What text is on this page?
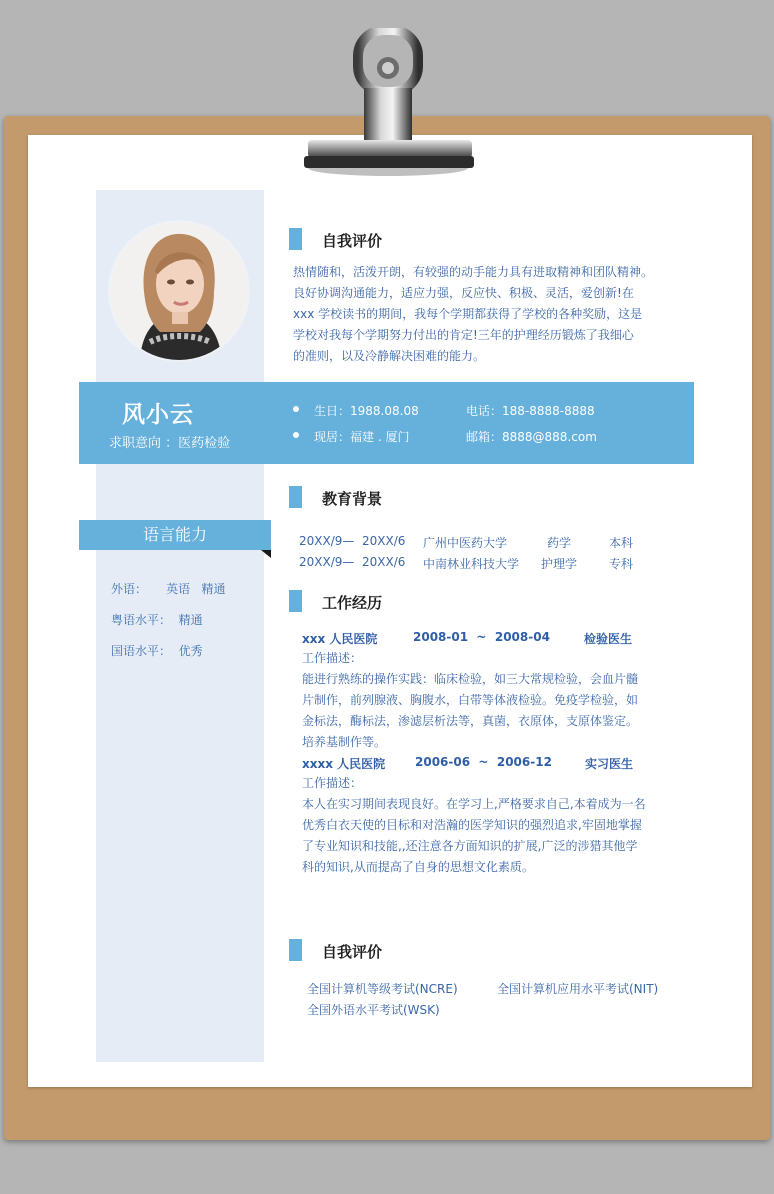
风小云
求职意向 ：医药检验
生日：1988.08.08	电话：188-8888-8888
现居：福建 . 厦门	邮箱：8888@888.com
语言能力
外语：     英语   精通
粤语水平：  精通
国语水平：  优秀
自我评价
热情随和，活泼开朗，有较强的动手能力具有进取精神和团队精神。
良好协调沟通能力，适应力强，反应快、积极、灵活，爱创新!在
xxx 学校读书的期间，我每个学期都获得了学校的各种奖励，这是
学校对我每个学期努力付出的肯定!三年的护理经历锻炼了我细心
的准则，以及冷静解决困难的能力。
教育背景
20XX/9—  20XX/6 广州中医药大学	药学	本科
20XX/9—  20XX/6 中南林业科技大学 护理学	专科
工作经历
xxx 人民医院	2008-01  ~  2008-04	检验医生
工作描述：
能进行熟练的操作实践：临床检验，如三大常规检验，会血片髓
片制作，前列腺液、胸腹水，白带等体液检验。免疫学检验，如
金标法，酶标法，渗滤层析法等，真菌，衣原体，支原体鉴定。
培养基制作等。
xxxx 人民医院 2006-06  ~  2006-12	实习医生
工作描述：
本人在实习期间表现良好。在学习上,严格要求自己,本着成为一名
优秀白衣天使的目标和对浩瀚的医学知识的强烈追求,牢固地掌握
了专业知识和技能,,还注意各方面知识的扩展,广泛的涉猎其他学
科的知识,从而提高了自身的思想文化素质。
自我评价
全国计算机等级考试(NCRE)	全国计算机应用水平考试(NIT)
全国外语水平考试(WSK)
